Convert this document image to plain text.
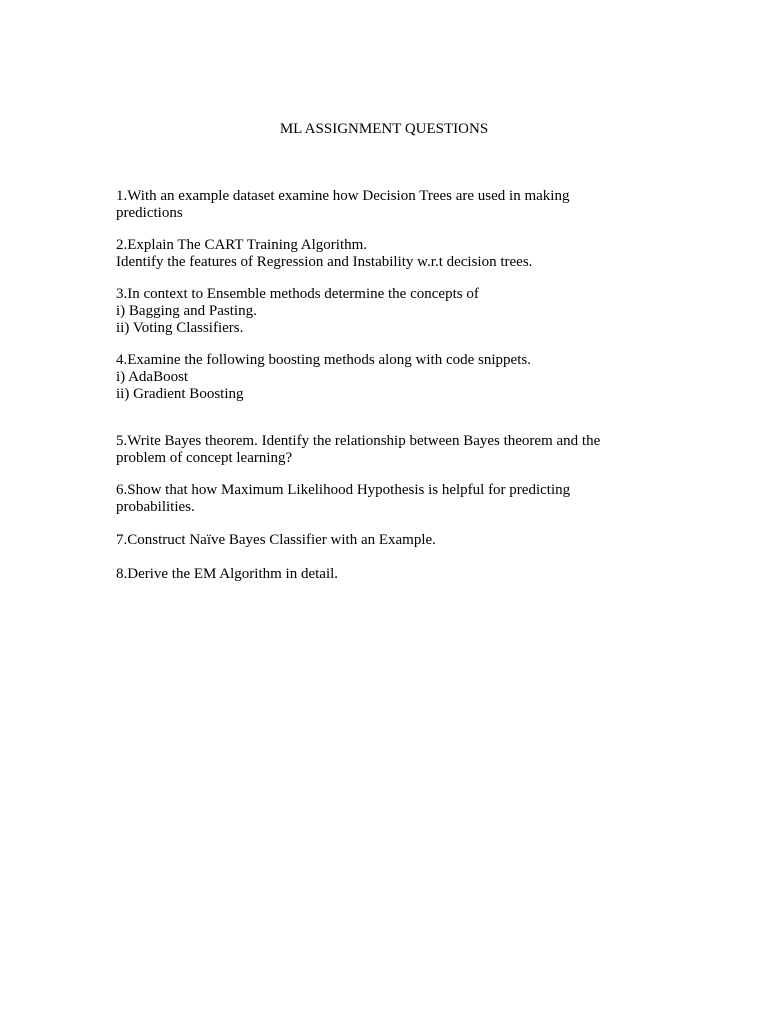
ML ASSIGNMENT QUESTIONS
1.With an example dataset examine how Decision Trees are used in making
predictions
2.Explain The CART Training Algorithm.
Identify the features of Regression and Instability w.r.t decision trees.
3.In context to Ensemble methods determine the concepts of
i) Bagging and Pasting.
ii) Voting Classifiers.
4.Examine the following boosting methods along with code snippets.
i) AdaBoost
ii) Gradient Boosting
5.Write Bayes theorem. Identify the relationship between Bayes theorem and the
problem of concept learning?
6.Show that how Maximum Likelihood Hypothesis is helpful for predicting
probabilities.
7.Construct Naïve Bayes Classifier with an Example.
8.Derive the EM Algorithm in detail.
